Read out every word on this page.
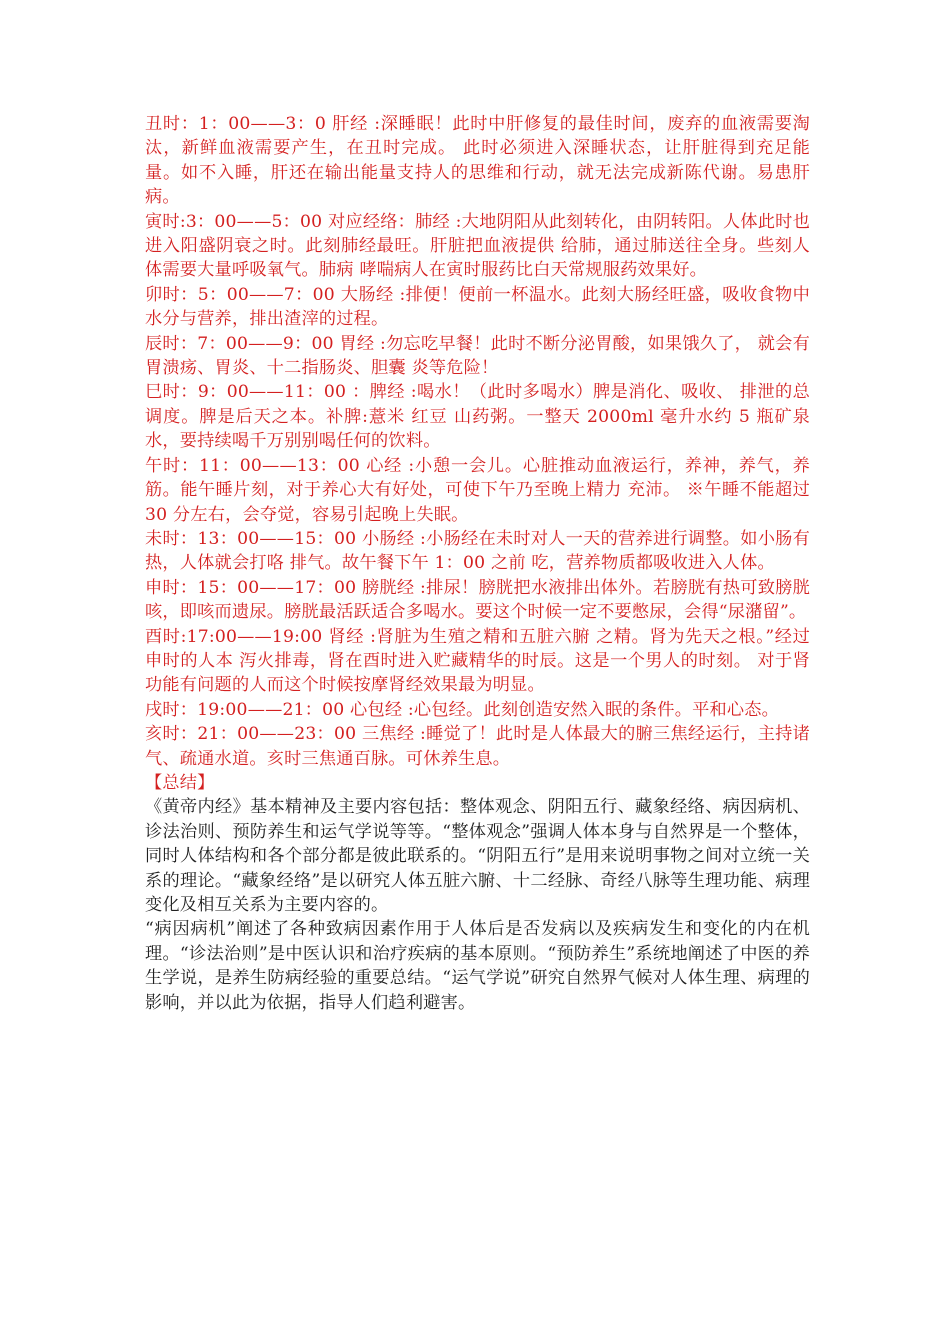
丑时：1：00——3：0 肝经 :深睡眠！此时中肝修复的最佳时间，废弃的血液需要淘汰，新鲜血液需要产生，在丑时完成。 此时必须进入深睡状态，让肝脏得到充足能量。如不入睡，肝还在输出能量支持人的思维和行动，就无法完成新陈代谢。易患肝病。

寅时:3：00——5：00 对应经络：肺经 :大地阴阳从此刻转化，由阴转阳。人体此时也进入阳盛阴衰之时。此刻肺经最旺。肝脏把血液提供 给肺，通过肺送往全身。些刻人体需要大量呼吸氧气。肺病 哮喘病人在寅时服药比白天常规服药效果好。

卯时：5：00——7：00 大肠经 :排便！便前一杯温水。此刻大肠经旺盛，吸收食物中水分与营养，排出渣滓的过程。

辰时：7：00——9：00 胃经 :勿忘吃早餐！此时不断分泌胃酸，如果饿久了， 就会有胃溃疡、胃炎、十二指肠炎、胆囊 炎等危险！

巳时：9：00——11：00 ：脾经 :喝水！（此时多喝水）脾是消化、吸收、 排泄的总调度。脾是后天之本。补脾:薏米 红豆 山药粥。一整天 2000ml 毫升水约 5 瓶矿泉水，要持续喝千万别别喝任何的饮料。

午时：11：00——13：00 心经 :小憩一会儿。心脏推动血液运行，养神，养气，养筋。能午睡片刻，对于养心大有好处，可使下午乃至晚上精力 充沛。 ※午睡不能超过 30 分左右，会夺觉，容易引起晚上失眠。

未时：13：00——15：00 小肠经 :小肠经在未时对人一天的营养进行调整。如小肠有热，人体就会打咯 排气。故午餐下午 1：00 之前 吃，营养物质都吸收进入人体。

申时：15：00——17：00 膀胱经 :排尿！膀胱把水液排出体外。若膀胱有热可致膀胱咳，即咳而遗尿。膀胱最活跃适合多喝水。要这个时候一定不要憋尿，会得“尿潴留”。

酉时:17:00——19:00 肾经 :肾脏为生殖之精和五脏六腑 之精。肾为先天之根。”经过申时的人本 泻火排毒，肾在酉时进入贮藏精华的时辰。这是一个男人的时刻。 对于肾功能有问题的人而这个时候按摩肾经效果最为明显。

戌时：19:00——21：00 心包经 :心包经。此刻创造安然入眠的条件。平和心态。

亥时：21：00——23：00 三焦经 :睡觉了！此时是人体最大的腑三焦经运行，主持诸气、疏通水道。亥时三焦通百脉。可休养生息。

【总结】

《黄帝内经》基本精神及主要内容包括：整体观念、阴阳五行、藏象经络、病因病机、诊法治则、预防养生和运气学说等等。“整体观念”强调人体本身与自然界是一个整体，同时人体结构和各个部分都是彼此联系的。“阴阳五行”是用来说明事物之间对立统一关系的理论。“藏象经络”是以研究人体五脏六腑、十二经脉、奇经八脉等生理功能、病理变化及相互关系为主要内容的。

“病因病机”阐述了各种致病因素作用于人体后是否发病以及疾病发生和变化的内在机理。“诊法治则”是中医认识和治疗疾病的基本原则。“预防养生”系统地阐述了中医的养生学说，是养生防病经验的重要总结。“运气学说”研究自然界气候对人体生理、病理的影响，并以此为依据，指导人们趋利避害。
